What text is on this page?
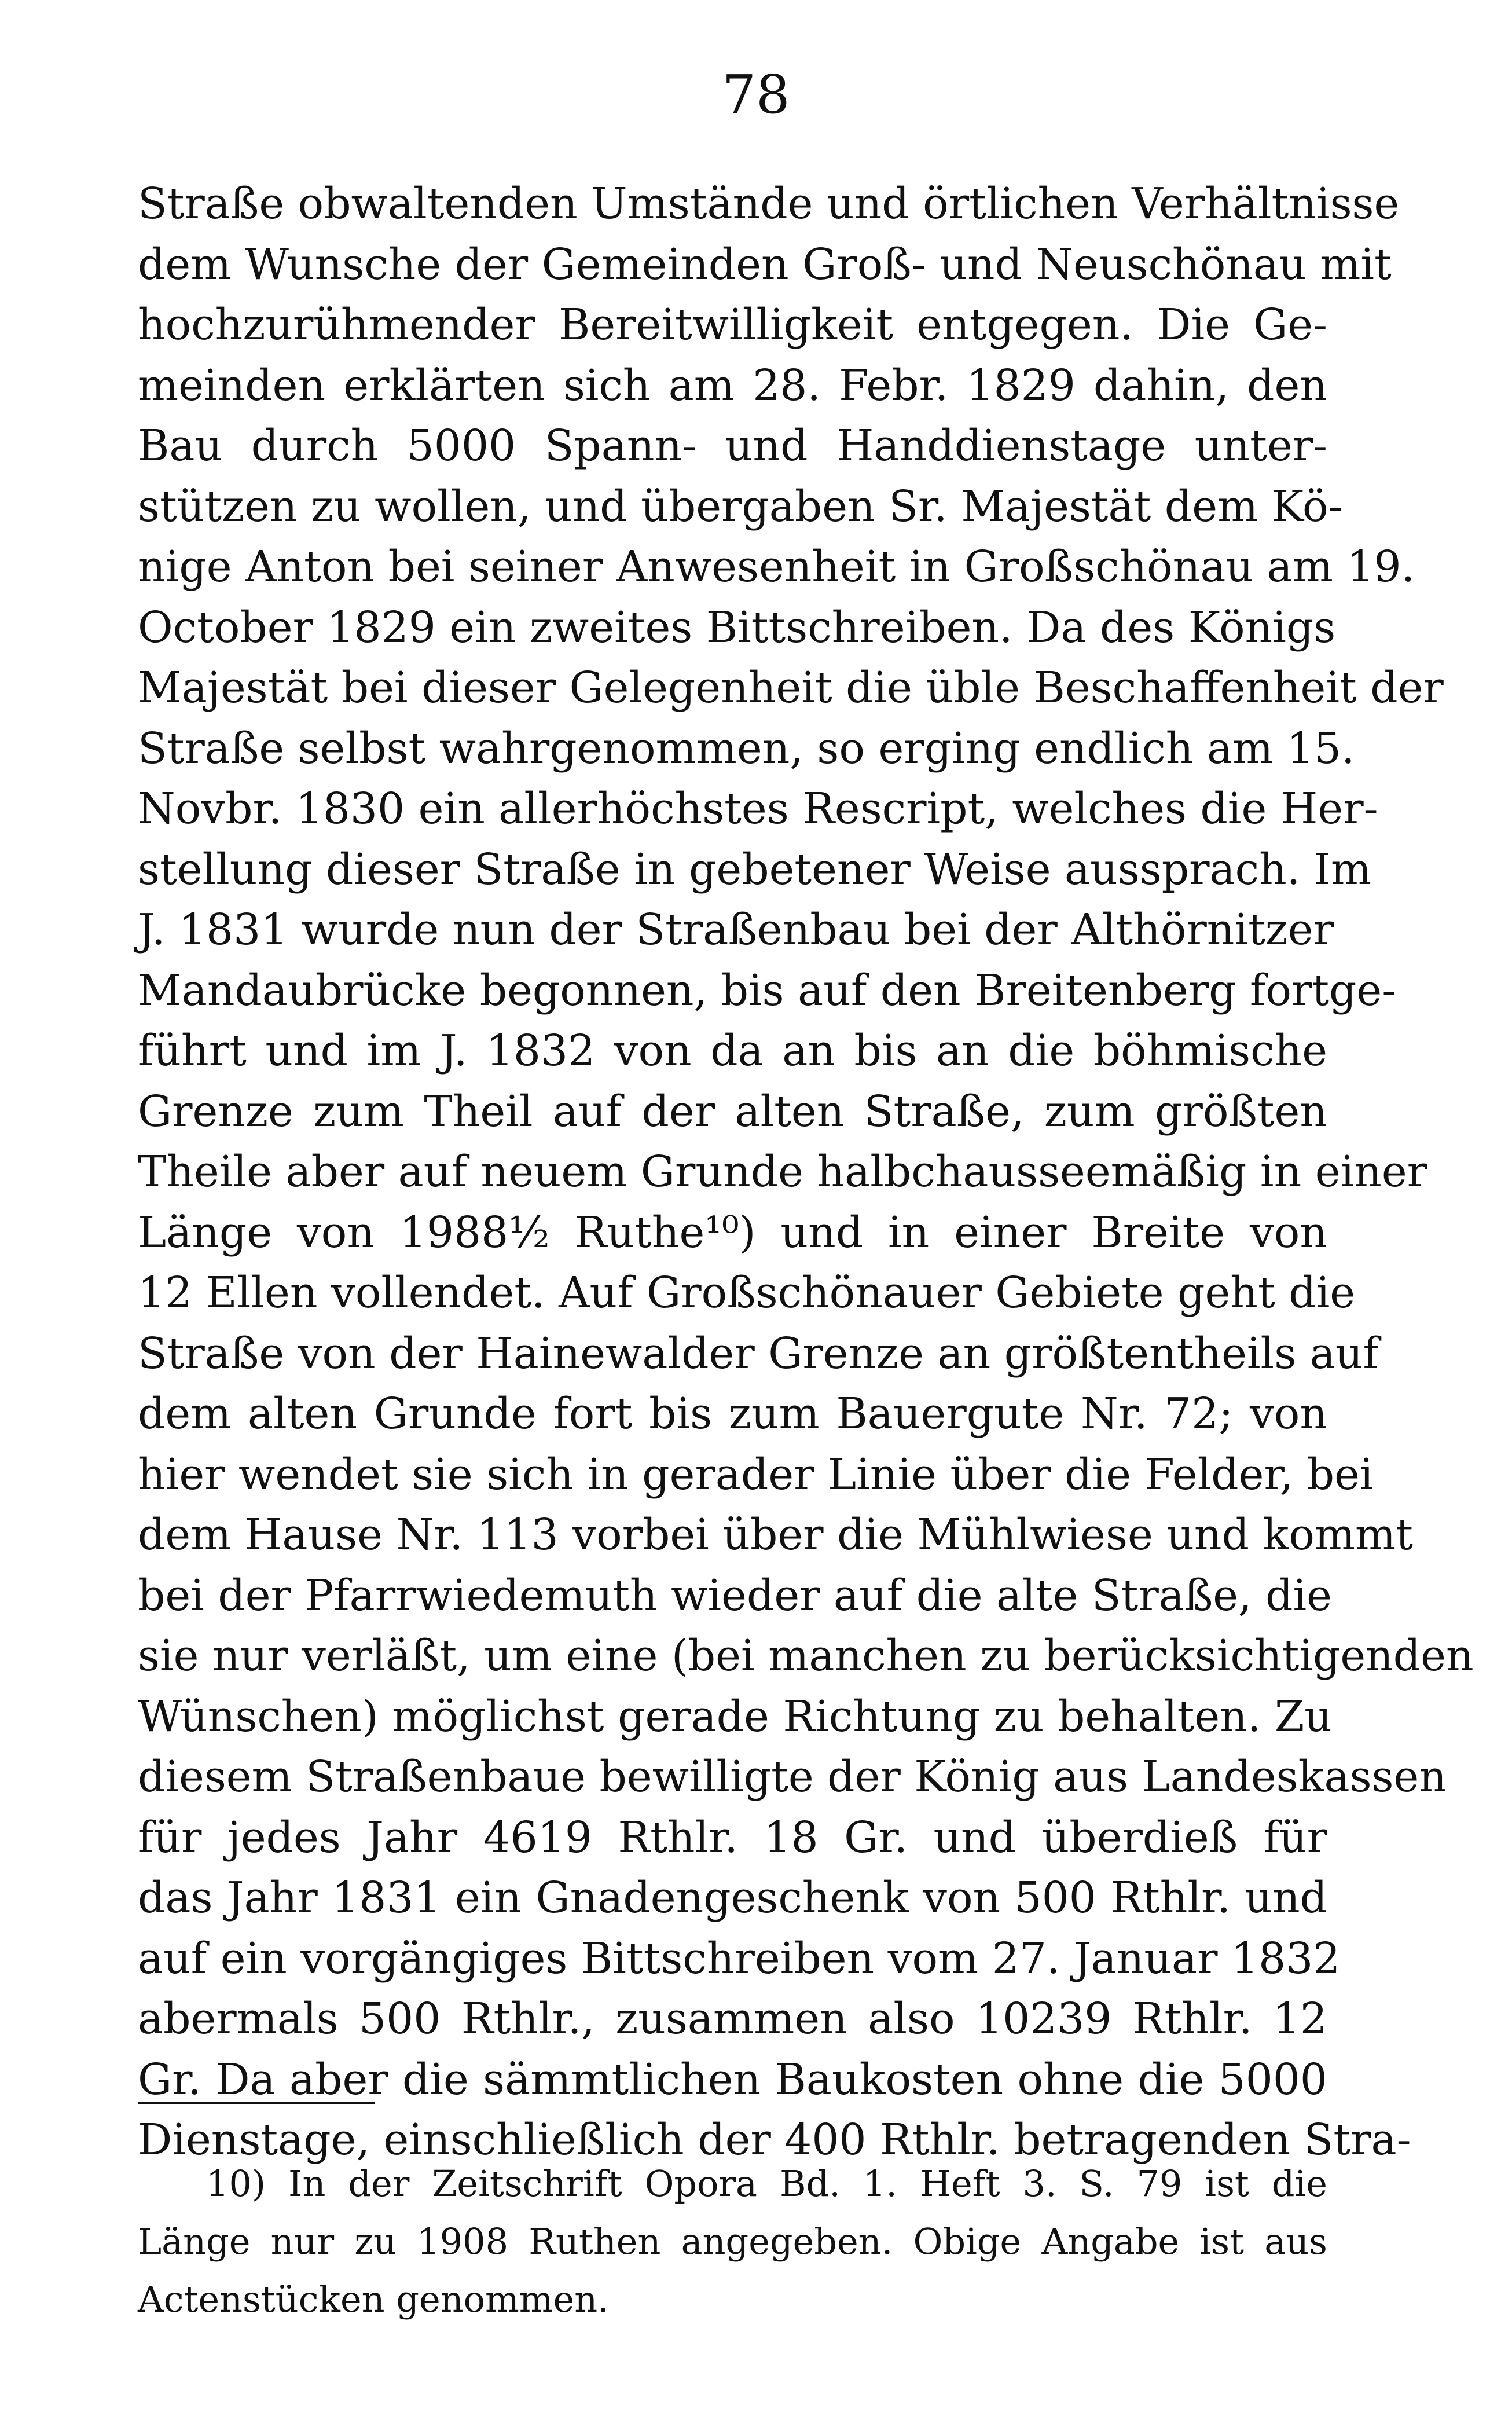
78
Straße obwaltenden Umstände und örtlichen Verhältnisse
dem Wunsche der Gemeinden Groß- und Neuschönau mit
hochzurühmender Bereitwilligkeit entgegen. Die Ge-
meinden erklärten sich am 28. Febr. 1829 dahin, den
Bau durch 5000 Spann- und Handdienstage unter-
stützen zu wollen, und übergaben Sr. Majestät dem Kö-
nige Anton bei seiner Anwesenheit in Großschönau am 19.
October 1829 ein zweites Bittschreiben. Da des Königs
Majestät bei dieser Gelegenheit die üble Beschaffenheit der
Straße selbst wahrgenommen, so erging endlich am 15.
Novbr. 1830 ein allerhöchstes Rescript, welches die Her-
stellung dieser Straße in gebetener Weise aussprach. Im
J. 1831 wurde nun der Straßenbau bei der Althörnitzer
Mandaubrücke begonnen, bis auf den Breitenberg fortge-
führt und im J. 1832 von da an bis an die böhmische
Grenze zum Theil auf der alten Straße, zum größten
Theile aber auf neuem Grunde halbchausseemäßig in einer
Länge von 1988½ Ruthe¹⁰) und in einer Breite von
12 Ellen vollendet. Auf Großschönauer Gebiete geht die
Straße von der Hainewalder Grenze an größtentheils auf
dem alten Grunde fort bis zum Bauergute Nr. 72; von
hier wendet sie sich in gerader Linie über die Felder, bei
dem Hause Nr. 113 vorbei über die Mühlwiese und kommt
bei der Pfarrwiedemuth wieder auf die alte Straße, die
sie nur verläßt, um eine (bei manchen zu berücksichtigenden
Wünschen) möglichst gerade Richtung zu behalten. Zu
diesem Straßenbaue bewilligte der König aus Landeskassen
für jedes Jahr 4619 Rthlr. 18 Gr. und überdieß für
das Jahr 1831 ein Gnadengeschenk von 500 Rthlr. und
auf ein vorgängiges Bittschreiben vom 27. Januar 1832
abermals 500 Rthlr., zusammen also 10239 Rthlr. 12
Gr. Da aber die sämmtlichen Baukosten ohne die 5000
Dienstage, einschließlich der 400 Rthlr. betragenden Stra-
10) In der Zeitschrift Opora Bd. 1. Heft 3. S. 79 ist die
Länge nur zu 1908 Ruthen angegeben. Obige Angabe ist aus
Actenstücken genommen.
